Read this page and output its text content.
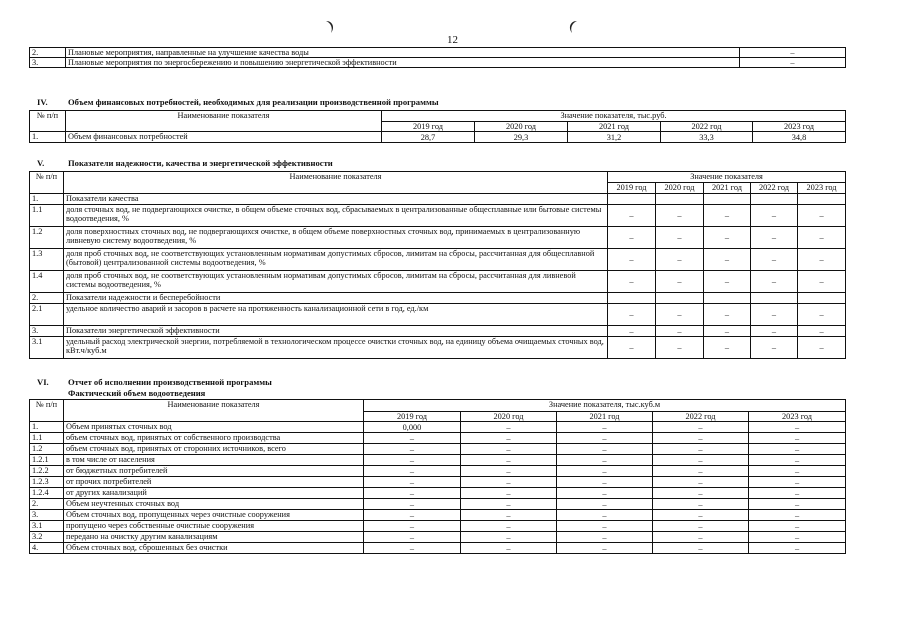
12
2.	Плановые мероприятия, направленные на улучшение качества воды	–
3.	Плановые мероприятия по энергосбережению и повышению энергетической эффективности	–
IV. Объем финансовых потребностей, необходимых для реализации производственной программы
№ п/п	Наименование показателя	Значение показателя, тыс.руб.				
		2019 год	2020 год	2021 год	2022 год	2023 год
1.	Объем финансовых потребностей	28,7	29,3	31,2	33,3	34,8
V.	Показатели надежности, качества и энергетической эффективности
№ п/п	Наименование показателя	Значение показателя				
		2019 год	2020 год	2021 год	2022 год	2023 год
1.	Показатели качества					
1.1	доля сточных вод, не подвергающихся очистке, в общем объеме сточных вод, сбрасываемых в централизованные общесплавные или бытовые системы водоотведения, %	–	–	–	–	–
1.2	доля поверхностных сточных вод, не подвергающихся очистке, в общем объеме поверхностных сточных вод, принимаемых в централизованную ливневую систему водоотведения, %	–	–	–	–	–
1.3	доля проб сточных вод, не соответствующих установленным нормативам допустимых сбросов, лимитам на сбросы, рассчитанная для общесплавной (бытовой) централизованной системы водоотведения, %	–	–	–	–	–
1.4	доля проб сточных вод, не соответствующих установленным нормативам допустимых сбросов, лимитам на сбросы, рассчитанная для ливневой системы водоотведения, %	–	–	–	–	–
2.	Показатели надежности и бесперебойности					
2.1	удельное количество аварий и засоров в расчете на протяженность канализационной сети в год, ед./км	–	–	–	–	–
3.	Показатели энергетической эффективности	–	–	–	–	–
3.1	удельный расход электрической энергии, потребляемой в технологическом процессе очистки сточных вод, на единицу объема очищаемых сточных вод, кВт.ч/куб.м	–	–	–	–	–
VI. Отчет об исполнении производственной программы
Фактический объем водоотведения
№ п/п	Наименование показателя	Значение показателя, тыс.куб.м				
		2019 год	2020 год	2021 год	2022 год	2023 год
1.	Объем принятых сточных вод	0,000	–	–	–	–
1.1	объем сточных вод, принятых от собственного производства	–	–	–	–	–
1.2	объем сточных вод, принятых от сторонних источников, всего	–	–	–	–	–
1.2.1	в том числе от населения	–	–	–	–	–
1.2.2	от бюджетных потребителей	–	–	–	–	–
1.2.3	от прочих потребителей	–	–	–	–	–
1.2.4	от других канализаций	–	–	–	–	–
2.	Объем неучтенных сточных вод	–	–	–	–	–
3.	Объем сточных вод, пропущенных через очистные сооружения	–	–	–	–	–
3.1	пропущено через собственные очистные сооружения	–	–	–	–	–
3.2	передано на очистку другим канализациям	–	–	–	–	–
4.	Объем сточных вод, сброшенных без очистки	–	–	–	–	–
